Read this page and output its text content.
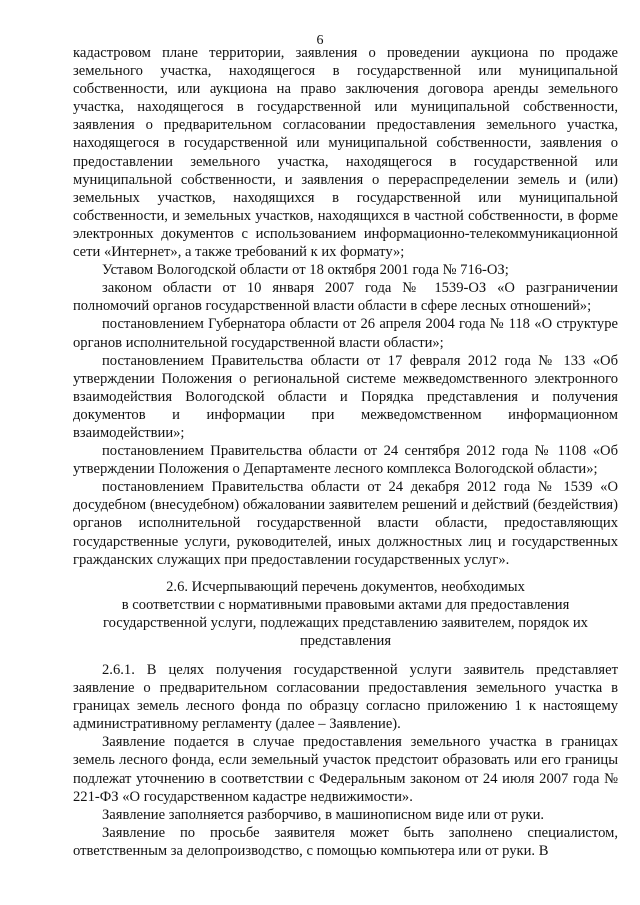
6

кадастровом плане территории, заявления о проведении аукциона по продаже земельного участка, находящегося в государственной или муниципальной собственности, или аукциона на право заключения договора аренды земельного участка, находящегося в государственной или муниципальной собственности, заявления о предварительном согласовании предоставления земельного участка, находящегося в государственной или муниципальной собственности, заявления о предоставлении земельного участка, находящегося в государственной или муниципальной собственности, и заявления о перераспределении земель и (или) земельных участков, находящихся в государственной или муниципальной собственности, и земельных участков, находящихся в частной собственности, в форме электронных документов с использованием информационно-телекоммуникационной сети «Интернет», а также требований к их формату»;

Уставом Вологодской области от 18 октября 2001 года № 716-ОЗ;

законом области от 10 января 2007 года № 1539-ОЗ «О разграничении полномочий органов государственной власти области в сфере лесных отношений»;

постановлением Губернатора области от 26 апреля 2004 года № 118 «О структуре органов исполнительной государственной власти области»;

постановлением Правительства области от 17 февраля 2012 года № 133 «Об утверждении Положения о региональной системе межведомственного электронного взаимодействия Вологодской области и Порядка представления и получения документов и информации при межведомственном информационном взаимодействии»;

постановлением Правительства области от 24 сентября 2012 года № 1108 «Об утверждении Положения о Департаменте лесного комплекса Вологодской области»;

постановлением Правительства области от 24 декабря 2012 года № 1539 «О досудебном (внесудебном) обжаловании заявителем решений и действий (бездействия) органов исполнительной государственной власти области, предоставляющих государственные услуги, руководителей, иных должностных лиц и государственных гражданских служащих при предоставлении государственных услуг».

2.6. Исчерпывающий перечень документов, необходимых

в соответствии с нормативными правовыми актами для предоставления

государственной услуги, подлежащих представлению заявителем, порядок их

представления

2.6.1. В целях получения государственной услуги заявитель представляет заявление о предварительном согласовании предоставления земельного участка в границах земель лесного фонда по образцу согласно приложению 1 к настоящему административному регламенту (далее – Заявление).

Заявление подается в случае предоставления земельного участка в границах земель лесного фонда, если земельный участок предстоит образовать или его границы подлежат уточнению в соответствии с Федеральным законом от 24 июля 2007 года № 221-ФЗ «О государственном кадастре недвижимости».

Заявление заполняется разборчиво, в машинописном виде или от руки.

Заявление по просьбе заявителя может быть заполнено специалистом, ответственным за делопроизводство, с помощью компьютера или от руки. В
